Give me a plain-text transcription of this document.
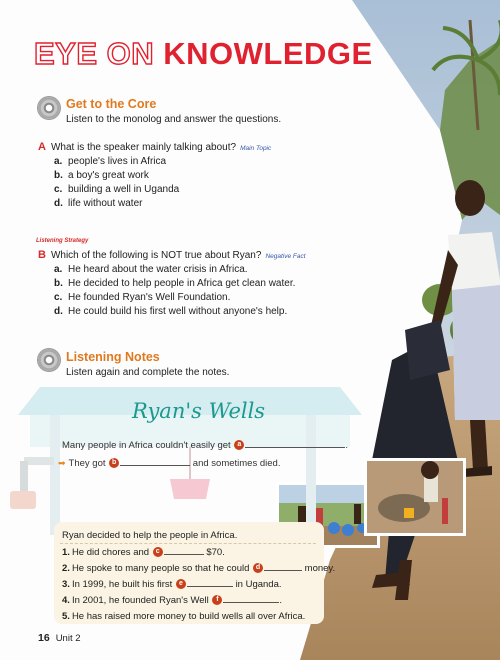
EYE ON KNOWLEDGE
Get to the Core
Listen to the monolog and answer the questions.
A What is the speaker mainly talking about? Main Topic
a. people's lives in Africa
b. a boy's great work
c. building a well in Uganda
d. life without water
Listening Strategy
B Which of the following is NOT true about Ryan? Negative Fact
a. He heard about the water crisis in Africa.
b. He decided to help people in Africa get clean water.
c. He founded Ryan's Well Foundation.
d. He could build his first well without anyone's help.
Listening Notes
Listen again and complete the notes.
Ryan's Wells
Many people in Africa couldn't easily get a	.
➡ They got b	and sometimes died.
Ryan decided to help the people in Africa.
1. He did chores and c	$70.
2. He spoke to many people so that he could d	money.
3. In 1999, he built his first e	in Uganda.
4. In 2001, he founded Ryan's Well f	.
5. He has raised more money to build wells all over Africa.
16 Unit 2
